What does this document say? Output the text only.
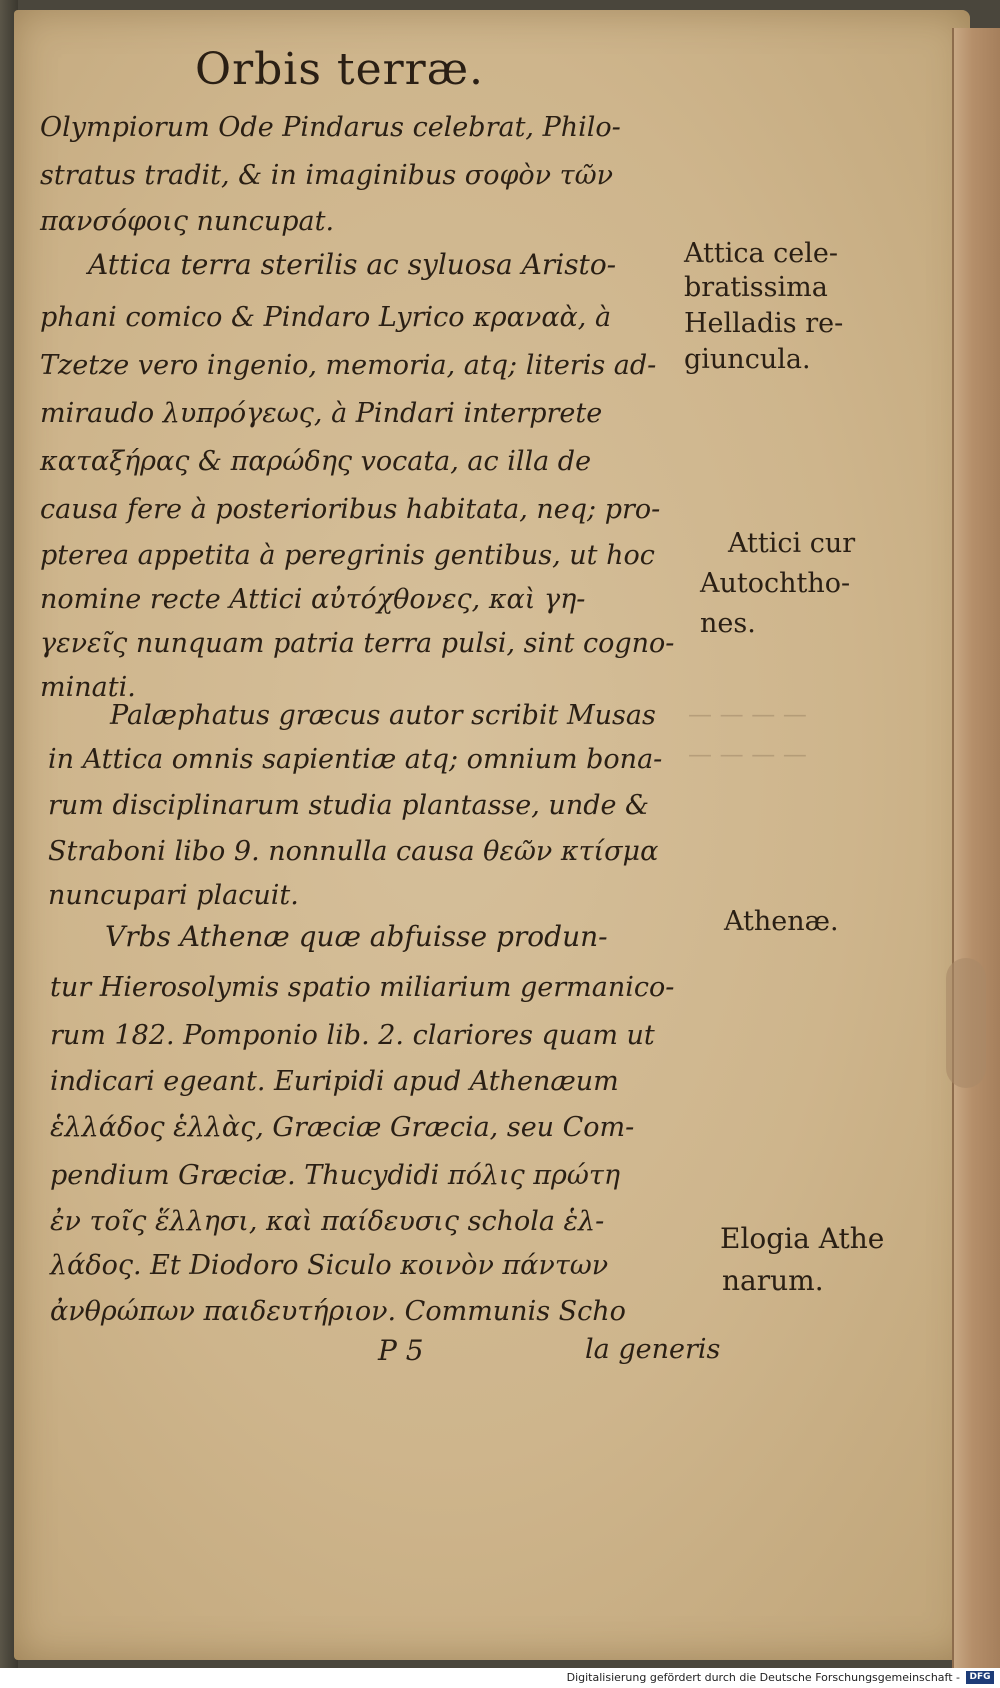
— — — —
— — — —
Orbis terræ.
Olympiorum Ode Pindarus celebrat, Philo-
stratus tradit, & in imaginibus σοφὸν τῶν
πανσόφοις nuncupat.
Attica terra sterilis ac syluosa Aristo-
phani comico & Pindaro Lyrico κραναὰ, à
Tzetze vero ingenio, memoria, atq; literis ad-
miraudo λυπρόγεως, à Pindari interprete
καταξήρας & παρώδης vocata, ac illa de
causa fere à posterioribus habitata, neq; pro-
pterea appetita à peregrinis gentibus, ut hoc
nomine recte Attici αὐτόχθονες, καὶ γη-
γενεῖς nunquam patria terra pulsi, sint cogno-
minati.
Palæphatus græcus autor scribit Musas
in Attica omnis sapientiæ atq; omnium bona-
rum disciplinarum studia plantasse, unde &
Straboni libo 9. nonnulla causa θεῶν κτίσμα
nuncupari placuit.
Vrbs Athenæ quæ abfuisse produn-
tur Hierosolymis spatio miliarium germanico-
rum 182. Pomponio lib. 2. clariores quam ut
indicari egeant. Euripidi apud Athenæum
ἑλλάδος ἑλλὰς, Græciæ Græcia, seu Com-
pendium Græciæ. Thucydidi πόλις πρώτη
ἐν τοῖς ἕλλησι, καὶ παίδευσις schola ἑλ-
λάδος. Et Diodoro Siculo κοινὸν πάντων
ἀνθρώπων παιδευτήριον. Communis Scho
P 5	la generis
Attica cele-
bratissima
Helladis re-
giuncula.
Attici cur
Autochtho-
nes.
Athenæ.
Elogia Athe
narum.
Digitalisierung gefördert durch die Deutsche Forschungsgemeinschaft -	DFG
